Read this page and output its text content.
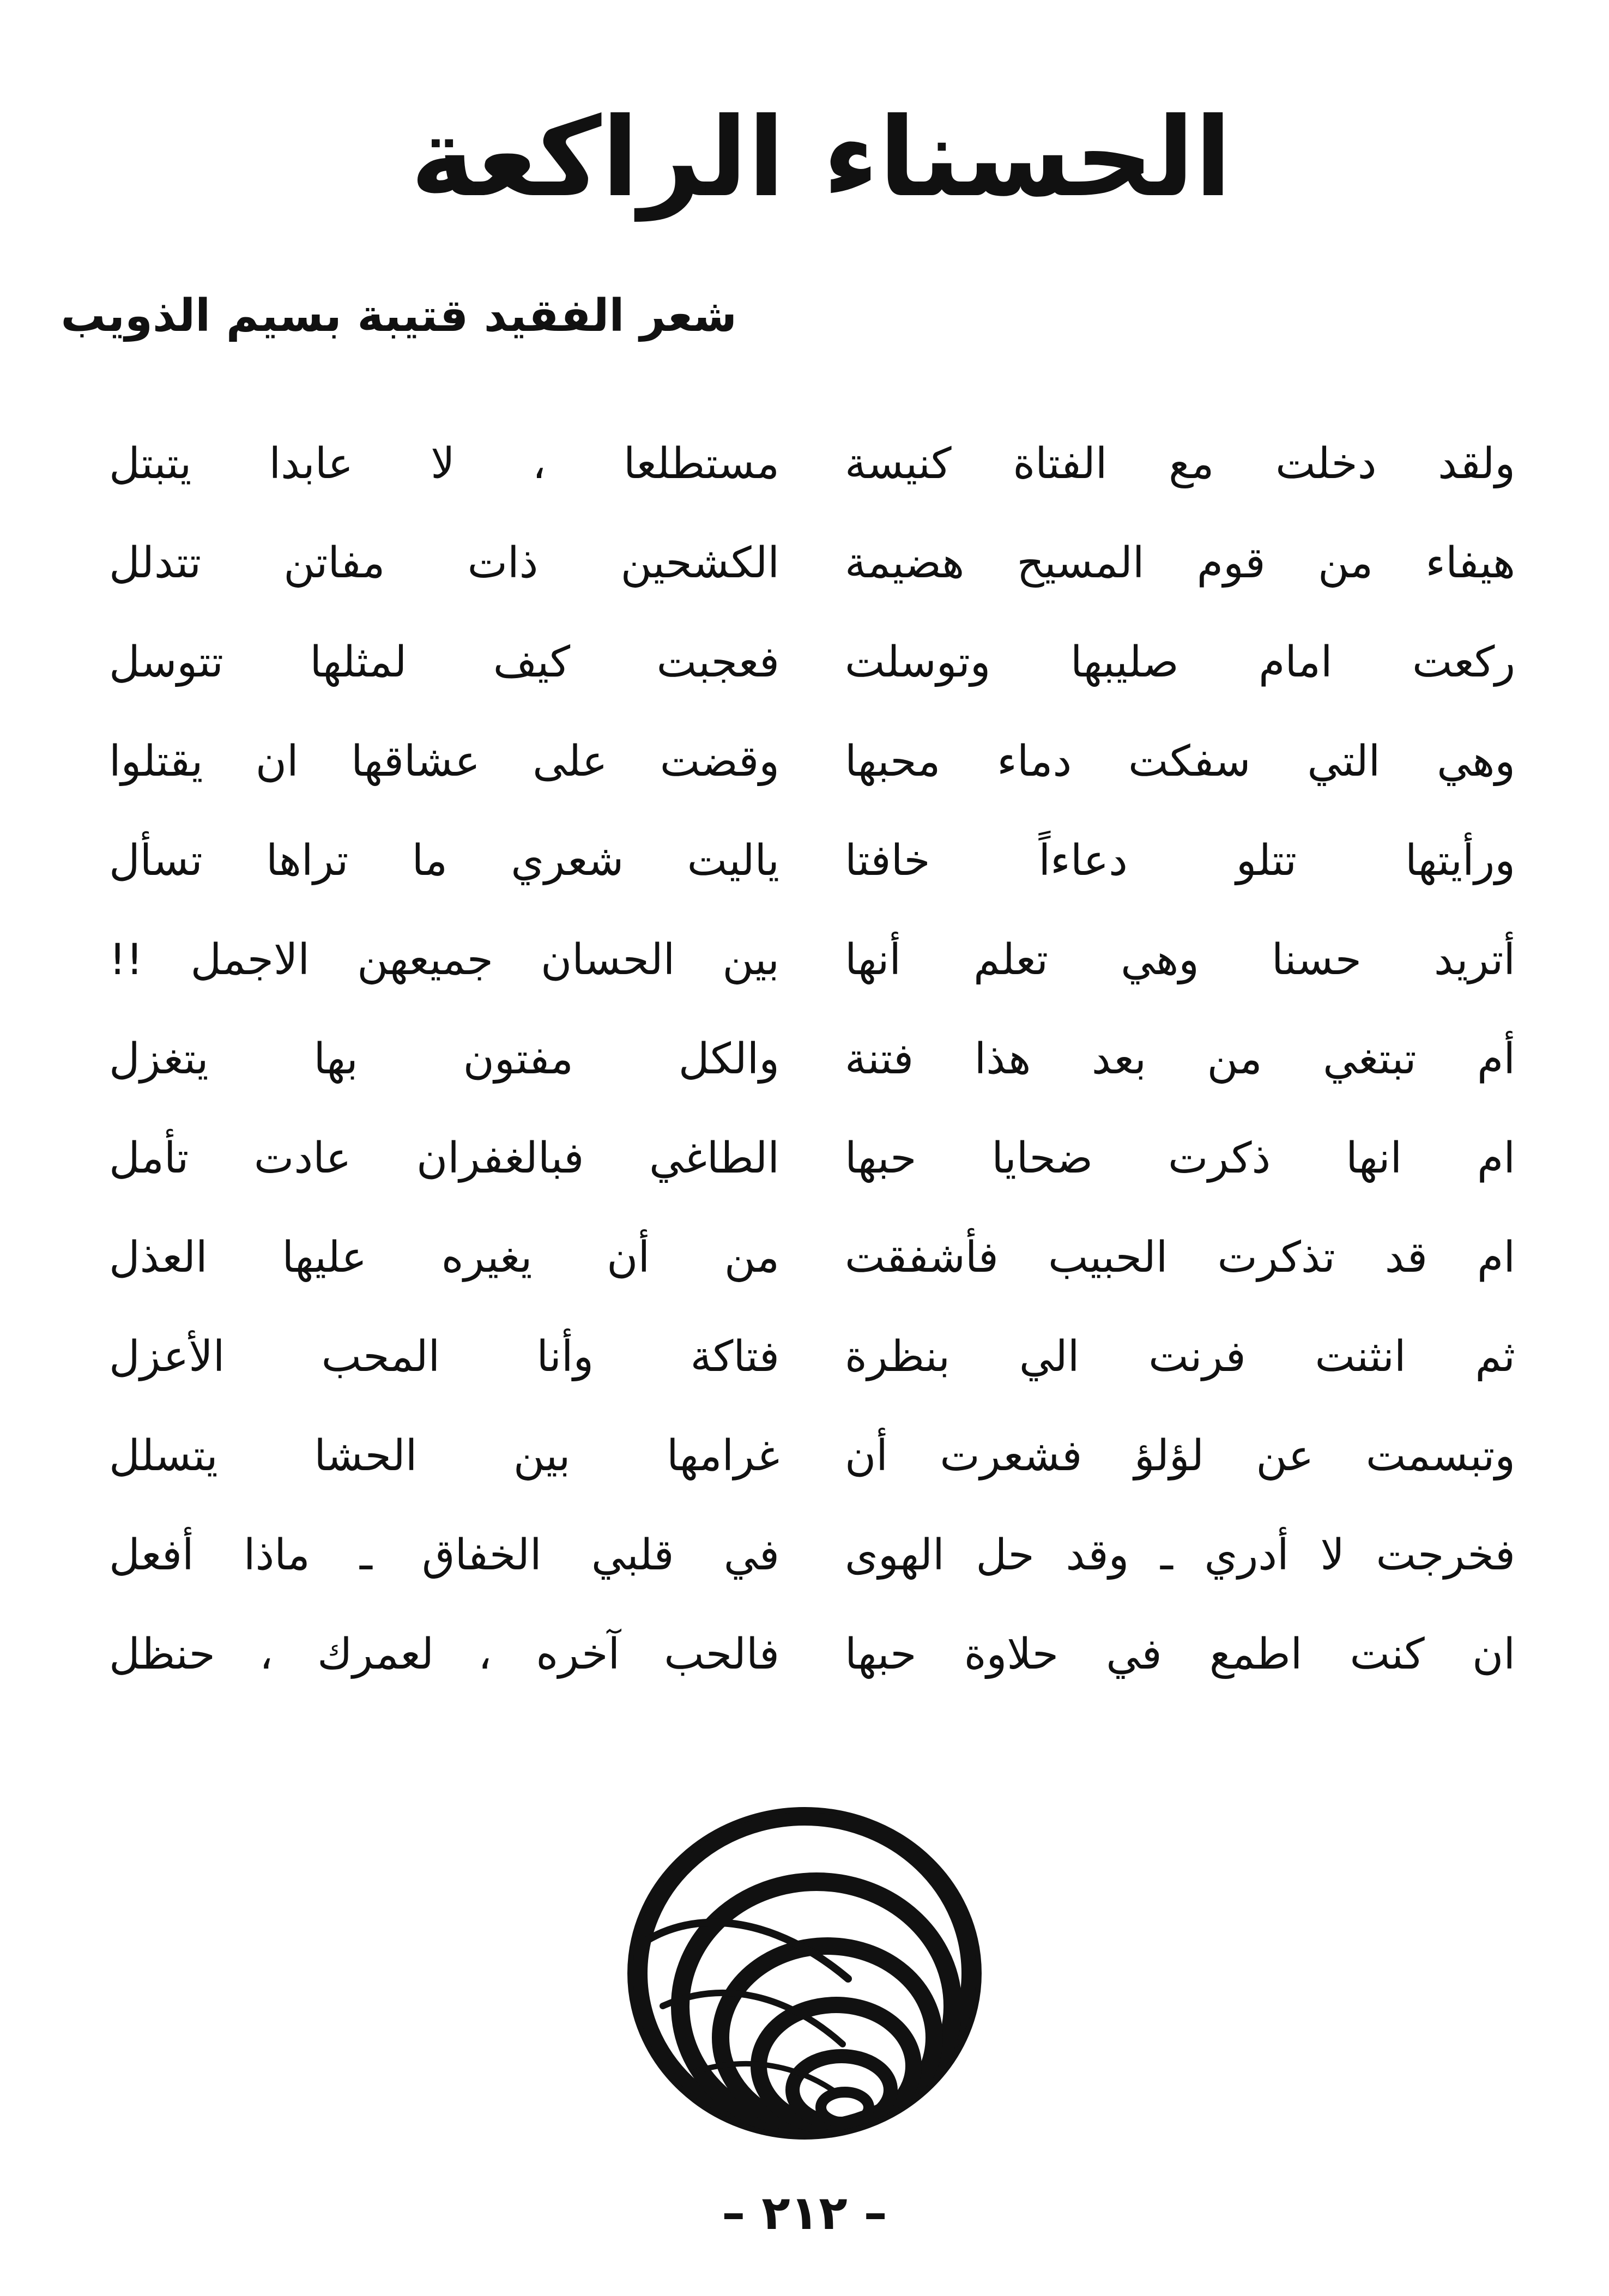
الحسناء الراكعة
شعر الفقيد قتيبة بسيم الذويب
ولقد دخلت مع الفتاة كنيسة
مستطلعا ، لا عابدا يتبتل
هيفاء من قوم المسيح هضيمة
الكشحين ذات مفاتن تتدلل
ركعت امام صليبها وتوسلت
فعجبت كيف لمثلها تتوسل
وهي التي سفكت دماء محبها
وقضت على عشاقها ان يقتلوا
ورأيتها تتلو دعاءاً خافتا
ياليت شعري ما تراها تسأل
أتريد حسنا وهي تعلم أنها
بين الحسان جميعهن الاجمل !!
أم تبتغي من بعد هذا فتنة
والكل مفتون بها يتغزل
ام انها ذكرت ضحايا حبها
الطاغي فبالغفران عادت تأمل
ام قد تذكرت الحبيب فأشفقت
من أن يغيره عليها العذل
ثم انثنت فرنت الي بنظرة
فتاكة وأنا المحب الأعزل
وتبسمت عن لؤلؤ فشعرت أن
غرامها بين الحشا يتسلل
فخرجت لا أدري ـ وقد حل الهوى
في قلبي الخفاق ـ ماذا أفعل
ان كنت اطمع في حلاوة حبها
فالحب آخره ، لعمرك ، حنظل
– ٢١٢ –
